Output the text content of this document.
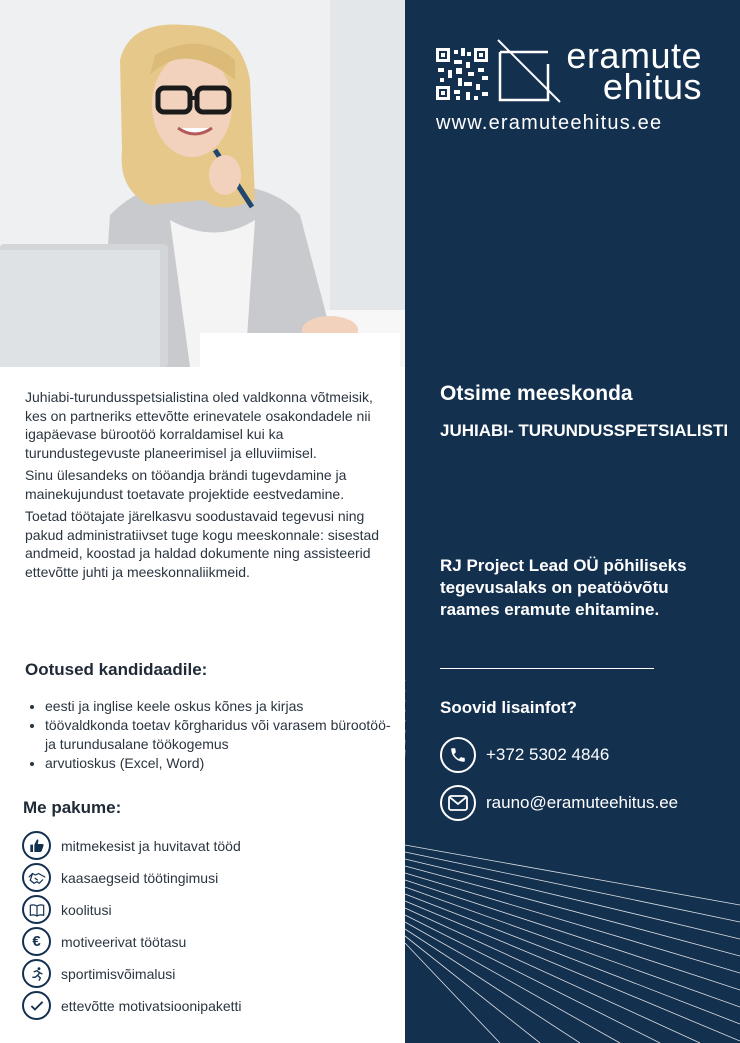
eramute
ehitus
www.eramuteehitus.ee
Otsime meeskonda
JUHIABI- TURUNDUSSPETSIALISTI
RJ Project Lead OÜ põhiliseks tegevusalaks on peatöövõtu raames eramute ehitamine.
Soovid lisainfot?
+372 5302 4846
rauno@eramuteehitus.ee

Juhiabi-turundusspetsialistina oled valdkonna võtmeisik, kes on partneriks ettevõtte erinevatele osakondadele nii igapäevase bürootöö korraldamisel kui ka turundustegevuste planeerimisel ja elluviimisel.

Sinu ülesandeks on tööandja brändi tugevdamine ja mainekujundust toetavate projektide eestvedamine.

Toetad töötajate järelkasvu soodustavaid tegevusi ning pakud administratiivset tuge kogu meeskonnale: sisestad andmeid, koostad ja haldad dokumente ning assisteerid ettevõtte juhti ja meeskonnaliikmeid.

Ootused kandidaadile:
• eesti ja inglise keele oskus kõnes ja kirjas
• töövaldkonda toetav kõrgharidus või varasem bürootöö- ja turundusalane töökogemus
• arvutioskus (Excel, Word)
Me pakume:
mitmekesist ja huvitavat tööd
kaasaegseid töötingimusi
koolitusi
€	motiveerivat töötasu
sportimisvõimalusi
ettevõtte motivatsioonipaketti
